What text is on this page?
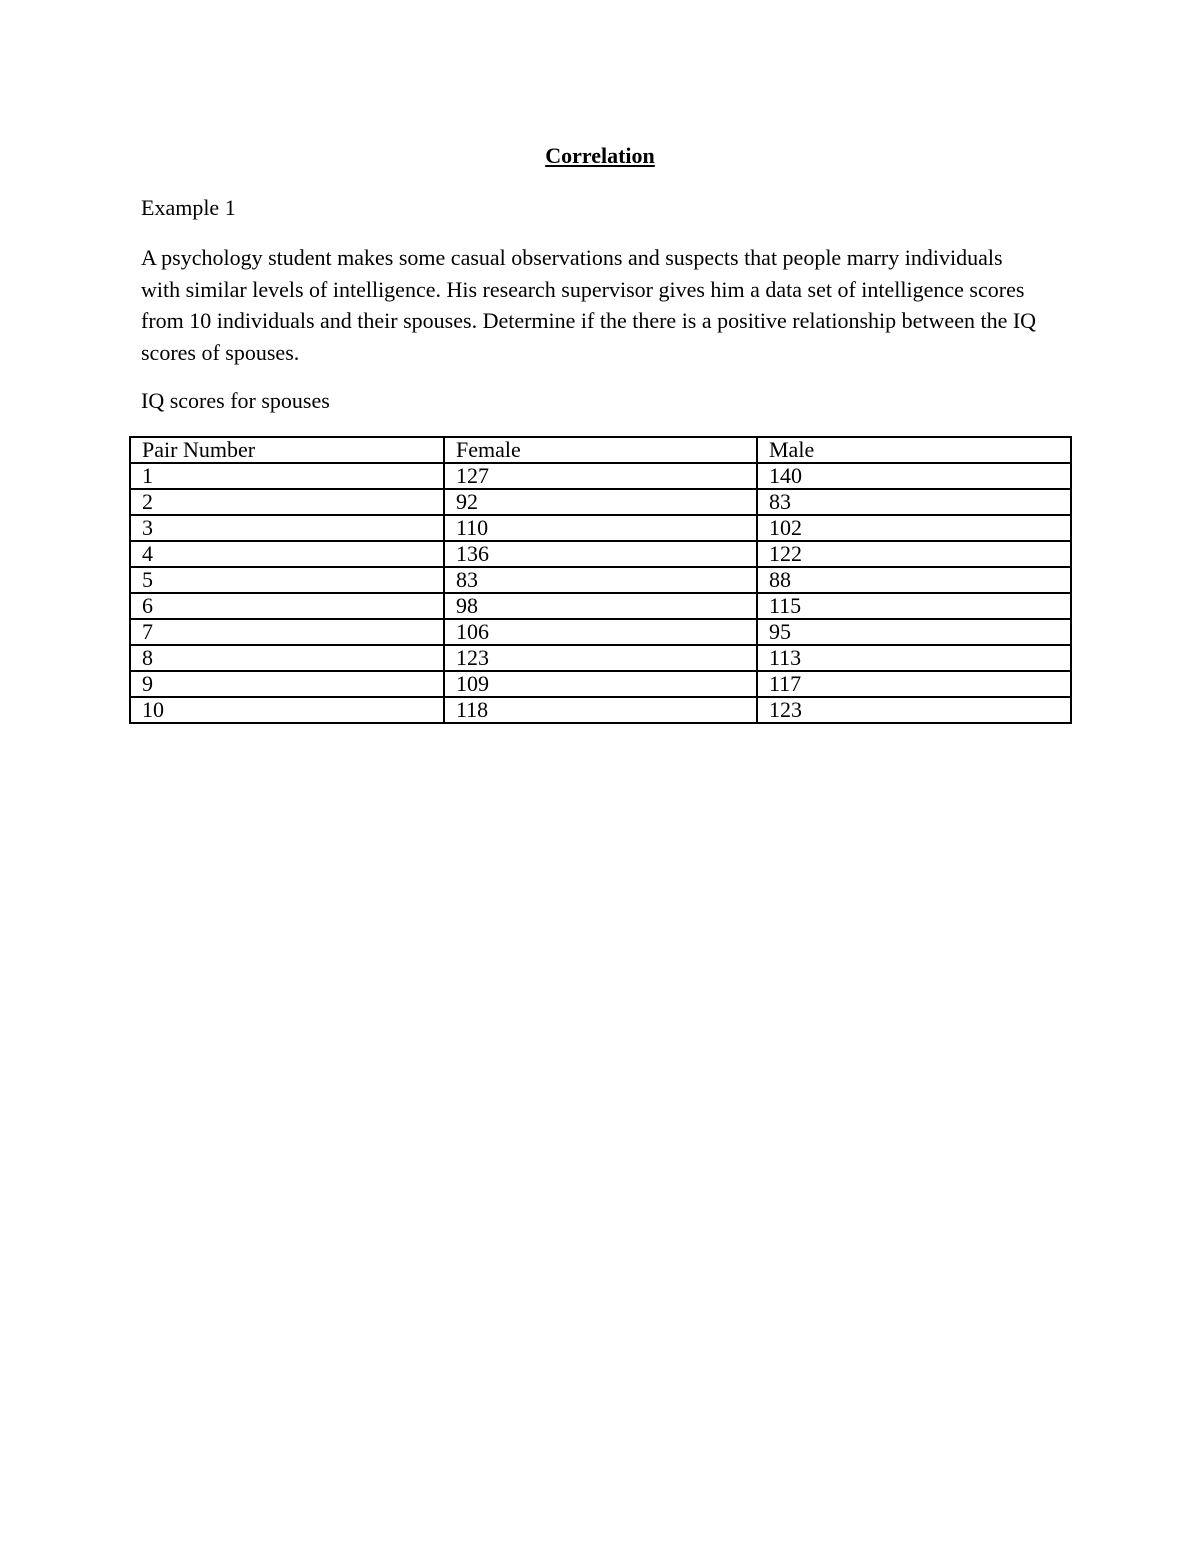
Correlation

Example 1

A psychology student makes some casual observations and suspects that people marry individuals with similar levels of intelligence. His research supervisor gives him a data set of intelligence scores from 10 individuals and their spouses. Determine if the there is a positive relationship between the IQ scores of spouses.

IQ scores for spouses

Pair Number	Female	Male
1	127	140
2	92	83
3	110	102
4	136	122
5	83	88
6	98	115
7	106	95
8	123	113
9	109	117
10	118	123
